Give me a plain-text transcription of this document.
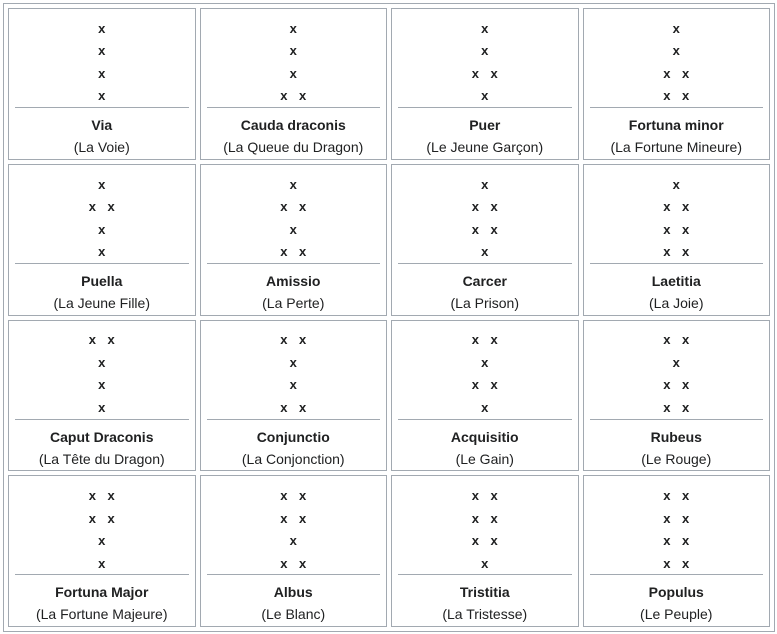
x
x
x
x
Via
(La Voie)
x
x
x
x x
Cauda draconis
(La Queue du Dragon)
x
x
x x
x
Puer
(Le Jeune Garçon)
x
x
x x
x x
Fortuna minor
(La Fortune Mineure)
x
x x
x
x
Puella
(La Jeune Fille)
x
x x
x
x x
Amissio
(La Perte)
x
x x
x x
x
Carcer
(La Prison)
x
x x
x x
x x
Laetitia
(La Joie)
x x
x
x
x
Caput Draconis
(La Tête du Dragon)
x x
x
x
x x
Conjunctio
(La Conjonction)
x x
x
x x
x
Acquisitio
(Le Gain)
x x
x
x x
x x
Rubeus
(Le Rouge)
x x
x x
x
x
Fortuna Major
(La Fortune Majeure)
x x
x x
x
x x
Albus
(Le Blanc)
x x
x x
x x
x
Tristitia
(La Tristesse)
x x
x x
x x
x x
Populus
(Le Peuple)
